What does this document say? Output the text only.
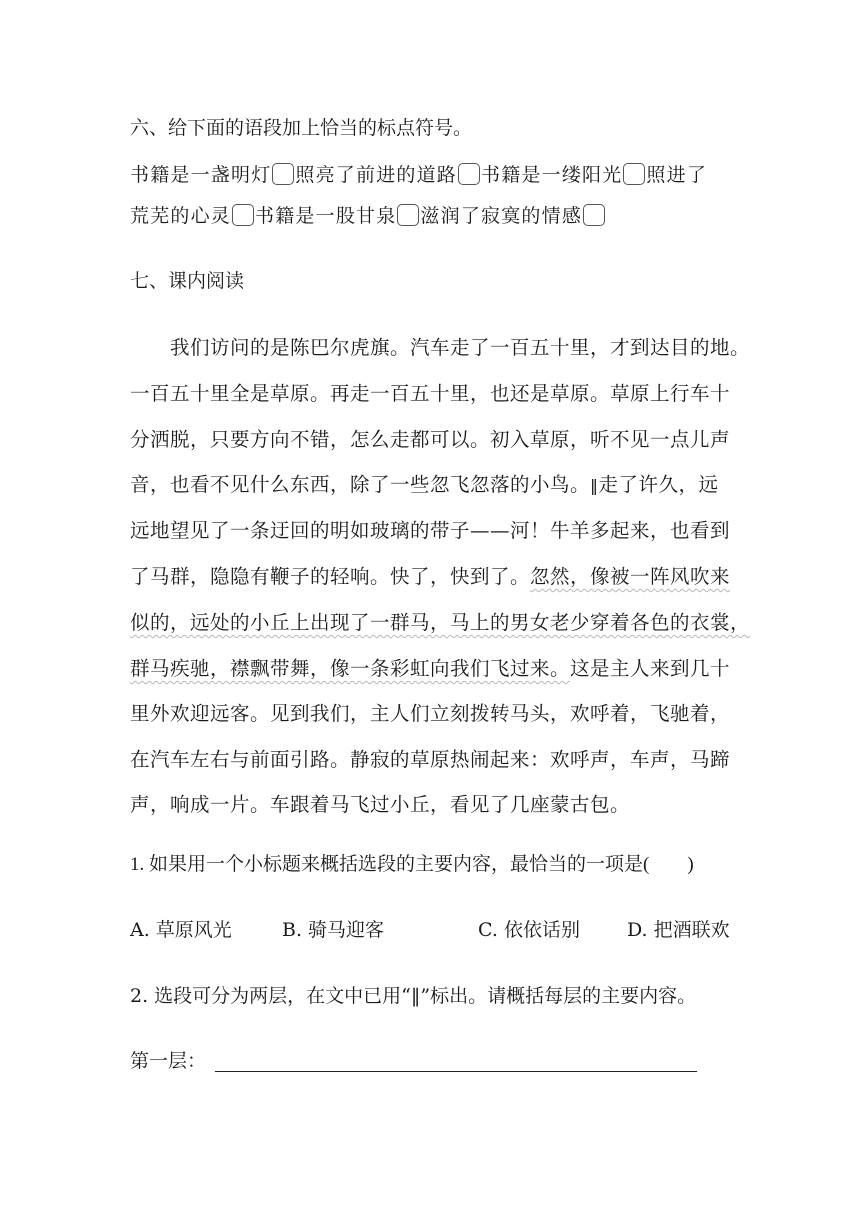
六、给下面的语段加上恰当的标点符号。
书籍是一盏明灯 照亮了前进的道路 书籍是一缕阳光 照进了
荒芜的心灵 书籍是一股甘泉 滋润了寂寞的情感
七、课内阅读
我们访问的是陈巴尔虎旗。汽车走了一百五十里，才到达目的地。
一百五十里全是草原。再走一百五十里，也还是草原。草原上行车十
分洒脱，只要方向不错，怎么走都可以。初入草原，听不见一点儿声
音，也看不见什么东西，除了一些忽飞忽落的小鸟。‖走了许久，远
远地望见了一条迂回的明如玻璃的带子——河！牛羊多起来，也看到
了马群，隐隐有鞭子的轻响。快了，快到了。忽然，像被一阵风吹来
似的，远处的小丘上出现了一群马，马上的男女老少穿着各色的衣裳，
群马疾驰，襟飘带舞，像一条彩虹向我们飞过来。这是主人来到几十
里外欢迎远客。见到我们，主人们立刻拨转马头，欢呼着，飞驰着，
在汽车左右与前面引路。静寂的草原热闹起来：欢呼声，车声，马蹄
声，响成一片。车跟着马飞过小丘，看见了几座蒙古包。
1. 如果用一个小标题来概括选段的主要内容，最恰当的一项是(　　)
A. 草原风光	B. 骑马迎客	C. 依依话别 D. 把酒联欢
2. 选段可分为两层，在文中已用“‖”标出。请概括每层的主要内容。
第一层：
